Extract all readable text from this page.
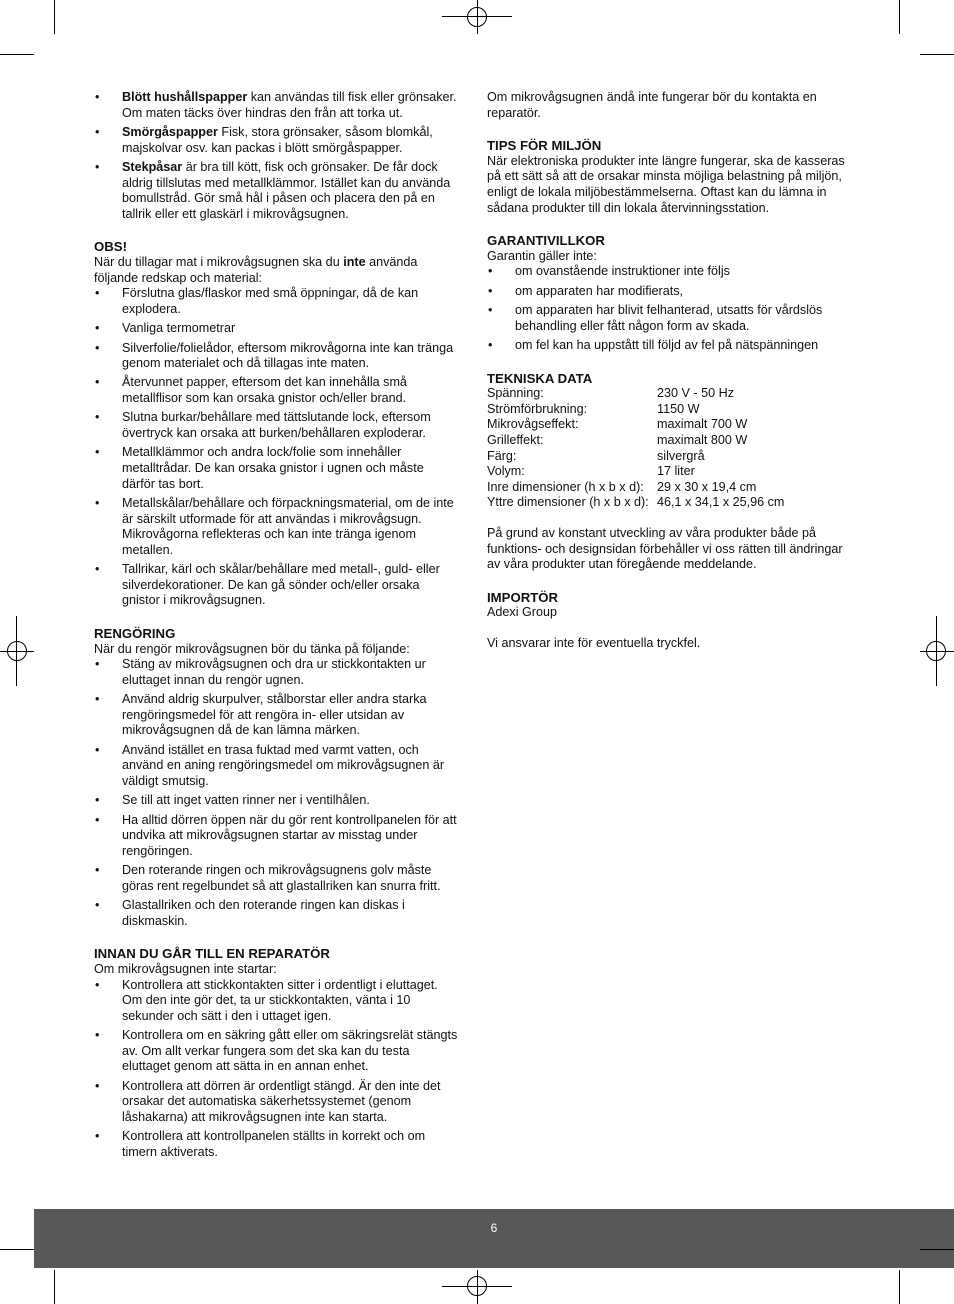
• Blött hushållspapper kan användas till fisk eller grönsaker.
Om maten täcks över hindras den från att torka ut.
• Smörgåspapper Fisk, stora grönsaker, såsom blomkål,
majskolvar osv. kan packas i blött smörgåspapper.
• Stekpåsar är bra till kött, fisk och grönsaker. De får dock
aldrig tillslutas med metallklämmor. Istället kan du använda
bomullstråd. Gör små hål i påsen och placera den på en
tallrik eller ett glaskärl i mikrovågsugnen.
OBS!

När du tillagar mat i mikrovågsugnen ska du inte använda
följande redskap och material:

• Förslutna glas/flaskor med små öppningar, då de kan
explodera.
• Vanliga termometrar
• Silverfolie/folielådor, eftersom mikrovågorna inte kan tränga
genom materialet och då tillagas inte maten.
• Återvunnet papper, eftersom det kan innehålla små
metallflisor som kan orsaka gnistor och/eller brand.
• Slutna burkar/behållare med tättslutande lock, eftersom
övertryck kan orsaka att burken/behållaren exploderar.
• Metallklämmor och andra lock/folie som innehåller
metalltrådar. De kan orsaka gnistor i ugnen och måste
därför tas bort.
• Metallskålar/behållare och förpackningsmaterial, om de inte
är särskilt utformade för att användas i mikrovågsugn.
Mikrovågorna reflekteras och kan inte tränga igenom
metallen.
• Tallrikar, kärl och skålar/behållare med metall-, guld- eller
silverdekorationer. De kan gå sönder och/eller orsaka
gnistor i mikrovågsugnen.
RENGÖRING

När du rengör mikrovågsugnen bör du tänka på följande:

• Stäng av mikrovågsugnen och dra ur stickkontakten ur
eluttaget innan du rengör ugnen.
• Använd aldrig skurpulver, stålborstar eller andra starka
rengöringsmedel för att rengöra in- eller utsidan av
mikrovågsugnen då de kan lämna märken.
• Använd istället en trasa fuktad med varmt vatten, och
använd en aning rengöringsmedel om mikrovågsugnen är
väldigt smutsig.
• Se till att inget vatten rinner ner i ventilhålen.
• Ha alltid dörren öppen när du gör rent kontrollpanelen för att
undvika att mikrovågsugnen startar av misstag under
rengöringen.
• Den roterande ringen och mikrovågsugnens golv måste
göras rent regelbundet så att glastallriken kan snurra fritt.
• Glastallriken och den roterande ringen kan diskas i
diskmaskin.
INNAN DU GÅR TILL EN REPARATÖR

Om mikrovågsugnen inte startar:

• Kontrollera att stickkontakten sitter i ordentligt i eluttaget.
Om den inte gör det, ta ur stickkontakten, vänta i 10
sekunder och sätt i den i uttaget igen.
• Kontrollera om en säkring gått eller om säkringsrelät stängts
av. Om allt verkar fungera som det ska kan du testa
eluttaget genom att sätta in en annan enhet.
• Kontrollera att dörren är ordentligt stängd. Är den inte det
orsakar det automatiska säkerhetssystemet (genom
låshakarna) att mikrovågsugnen inte kan starta.
• Kontrollera att kontrollpanelen ställts in korrekt och om
timern aktiverats.

Om mikrovågsugnen ändå inte fungerar bör du kontakta en
reparatör.

TIPS FÖR MILJÖN

När elektroniska produkter inte längre fungerar, ska de kasseras
på ett sätt så att de orsakar minsta möjliga belastning på miljön,
enligt de lokala miljöbestämmelserna. Oftast kan du lämna in
sådana produkter till din lokala återvinningsstation.

GARANTIVILLKOR

Garantin gäller inte:

• om ovanstående instruktioner inte följs
• om apparaten har modifierats,
• om apparaten har blivit felhanterad, utsatts för vårdslös
behandling eller fått någon form av skada.
• om fel kan ha uppstått till följd av fel på nätspänningen
TEKNISKA DATA
Spänning:	230 V - 50 Hz
Strömförbrukning:	1150 W
Mikrovågseffekt:	maximalt 700 W
Grilleffekt:	maximalt 800 W
Färg:	silvergrå
Volym:	17 liter
Inre dimensioner (h x b x d):	29 x 30 x 19,4 cm
Yttre dimensioner (h x b x d): 46,1 x 34,1 x 25,96 cm

På grund av konstant utveckling av våra produkter både på
funktions- och designsidan förbehåller vi oss rätten till ändringar
av våra produkter utan föregående meddelande.

IMPORTÖR

Adexi Group

Vi ansvarar inte för eventuella tryckfel.

6
